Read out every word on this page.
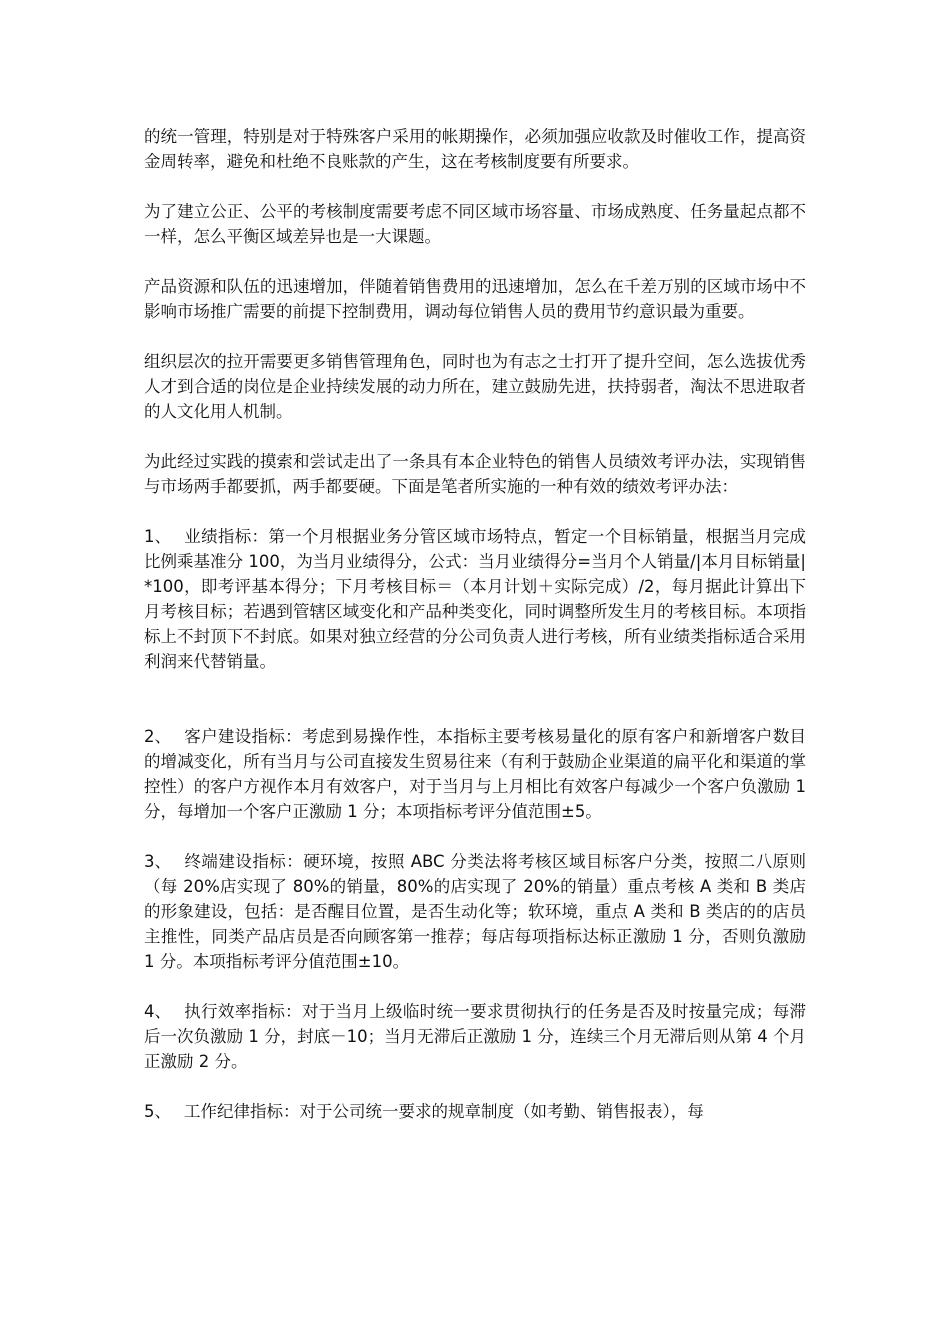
的统一管理，特别是对于特殊客户采用的帐期操作，必须加强应收款及时催收工作，提高资金周转率，避免和杜绝不良账款的产生，这在考核制度要有所要求。

为了建立公正、公平的考核制度需要考虑不同区域市场容量、市场成熟度、任务量起点都不一样，怎么平衡区域差异也是一大课题。

产品资源和队伍的迅速增加，伴随着销售费用的迅速增加，怎么在千差万别的区域市场中不影响市场推广需要的前提下控制费用，调动每位销售人员的费用节约意识最为重要。

组织层次的拉开需要更多销售管理角色，同时也为有志之士打开了提升空间，怎么选拔优秀人才到合适的岗位是企业持续发展的动力所在，建立鼓励先进，扶持弱者，淘汰不思进取者的人文化用人机制。

为此经过实践的摸索和尝试走出了一条具有本企业特色的销售人员绩效考评办法，实现销售与市场两手都要抓，两手都要硬。下面是笔者所实施的一种有效的绩效考评办法：

1、 业绩指标：第一个月根据业务分管区域市场特点，暂定一个目标销量，根据当月完成比例乘基准分 100，为当月业绩得分，公式：当月业绩得分=当月个人销量/|本月目标销量|*100，即考评基本得分；下月考核目标＝（本月计划＋实际完成）/2，每月据此计算出下月考核目标；若遇到管辖区域变化和产品种类变化，同时调整所发生月的考核目标。本项指标上不封顶下不封底。如果对独立经营的分公司负责人进行考核，所有业绩类指标适合采用利润来代替销量。

2、 客户建设指标：考虑到易操作性，本指标主要考核易量化的原有客户和新增客户数目的增减变化，所有当月与公司直接发生贸易往来（有利于鼓励企业渠道的扁平化和渠道的掌控性）的客户方视作本月有效客户，对于当月与上月相比有效客户每减少一个客户负激励 1 分，每增加一个客户正激励 1 分；本项指标考评分值范围±5。

3、 终端建设指标：硬环境，按照 ABC 分类法将考核区域目标客户分类，按照二八原则（每 20%店实现了 80%的销量，80%的店实现了 20%的销量）重点考核 A 类和 B 类店的形象建设，包括：是否醒目位置，是否生动化等；软环境，重点 A 类和 B 类店的的店员主推性，同类产品店员是否向顾客第一推荐；每店每项指标达标正激励 1 分，否则负激励 1 分。本项指标考评分值范围±10。

4、 执行效率指标：对于当月上级临时统一要求贯彻执行的任务是否及时按量完成；每滞后一次负激励 1 分，封底－10；当月无滞后正激励 1 分，连续三个月无滞后则从第 4 个月正激励 2 分。

5、 工作纪律指标：对于公司统一要求的规章制度（如考勤、销售报表），每
